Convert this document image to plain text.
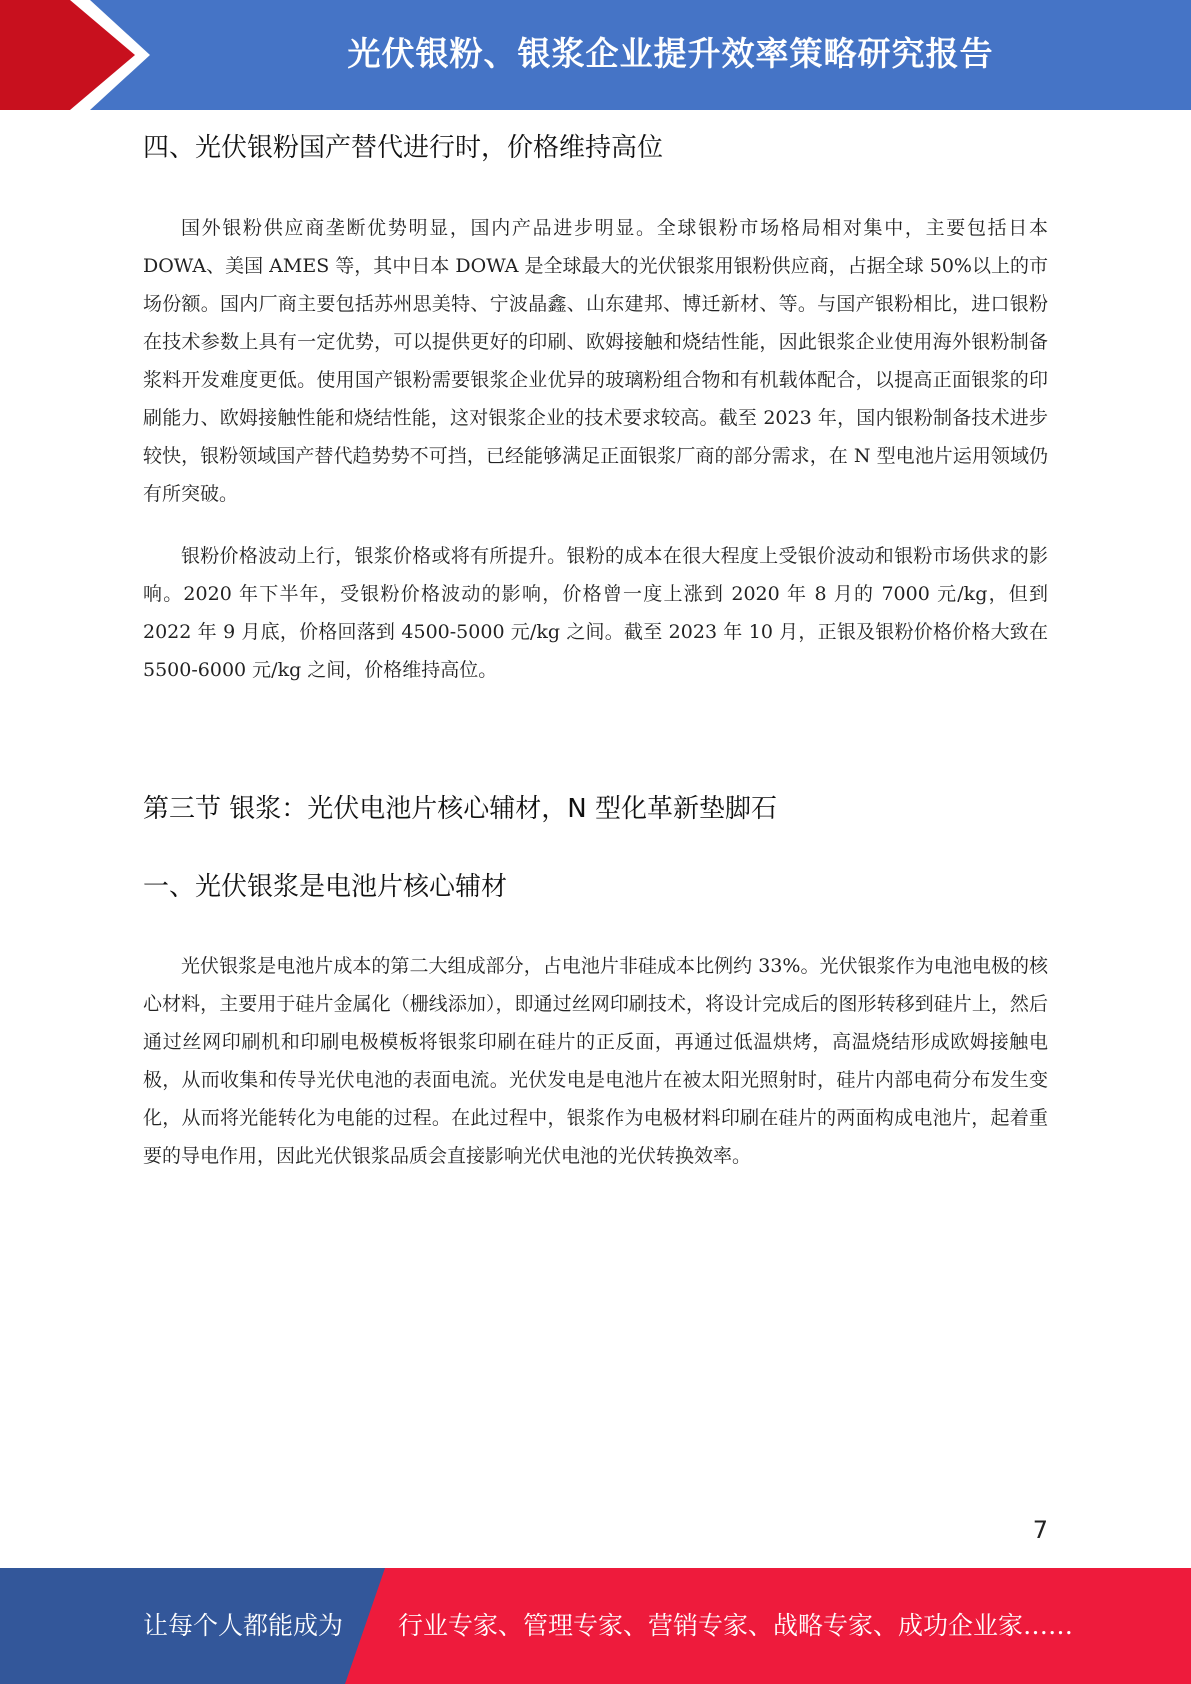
光伏银粉、银浆企业提升效率策略研究报告
四、光伏银粉国产替代进行时，价格维持高位

国外银粉供应商垄断优势明显，国内产品进步明显。全球银粉市场格局相对集中，主要包括日本 DOWA、美国 AMES 等，其中日本 DOWA 是全球最大的光伏银浆用银粉供应商，占据全球 50%以上的市场份额。国内厂商主要包括苏州思美特、宁波晶鑫、山东建邦、博迁新材、等。与国产银粉相比，进口银粉在技术参数上具有一定优势，可以提供更好的印刷、欧姆接触和烧结性能，因此银浆企业使用海外银粉制备浆料开发难度更低。使用国产银粉需要银浆企业优异的玻璃粉组合物和有机载体配合，以提高正面银浆的印刷能力、欧姆接触性能和烧结性能，这对银浆企业的技术要求较高。截至 2023 年，国内银粉制备技术进步较快，银粉领域国产替代趋势势不可挡，已经能够满足正面银浆厂商的部分需求，在 N 型电池片运用领域仍有所突破。

银粉价格波动上行，银浆价格或将有所提升。银粉的成本在很大程度上受银价波动和银粉市场供求的影响。2020 年下半年，受银粉价格波动的影响，价格曾一度上涨到 2020 年 8 月的 7000 元/kg，但到 2022 年 9 月底，价格回落到 4500-5000 元/kg 之间。截至 2023 年 10 月，正银及银粉价格价格大致在 5500-6000 元/kg 之间，价格维持高位。

第三节 银浆：光伏电池片核心辅材，N 型化革新垫脚石
一、光伏银浆是电池片核心辅材

光伏银浆是电池片成本的第二大组成部分，占电池片非硅成本比例约 33%。光伏银浆作为电池电极的核心材料，主要用于硅片金属化（栅线添加），即通过丝网印刷技术，将设计完成后的图形转移到硅片上，然后通过丝网印刷机和印刷电极模板将银浆印刷在硅片的正反面，再通过低温烘烤，高温烧结形成欧姆接触电极，从而收集和传导光伏电池的表面电流。光伏发电是电池片在被太阳光照射时，硅片内部电荷分布发生变化，从而将光能转化为电能的过程。在此过程中，银浆作为电极材料印刷在硅片的两面构成电池片，起着重要的导电作用，因此光伏银浆品质会直接影响光伏电池的光伏转换效率。

7
让每个人都能成为 行业专家、管理专家、营销专家、战略专家、成功企业家……
